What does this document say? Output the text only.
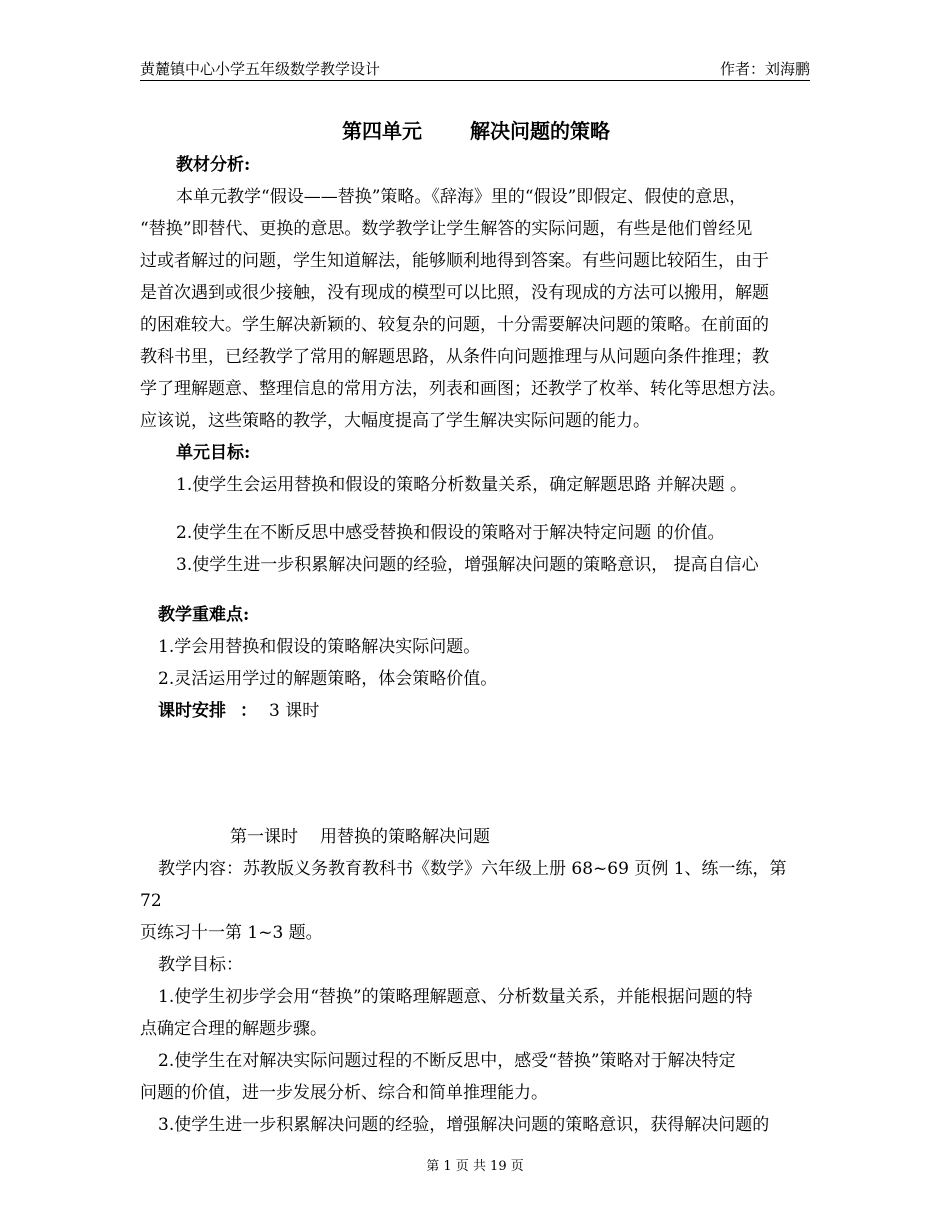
黄麓镇中心小学五年级数学教学设计	作者：刘海鹏
第四单元 解决问题的策略

教材分析:

本单元教学“假设——替换”策略。《辞海》里的“假设”即假定、假使的意思，

“替换”即替代、更换的意思。数学教学让学生解答的实际问题，有些是他们曾经见

过或者解过的问题，学生知道解法，能够顺利地得到答案。有些问题比较陌生，由于

是首次遇到或很少接触，没有现成的模型可以比照，没有现成的方法可以搬用，解题

的困难较大。学生解决新颖的、较复杂的问题，十分需要解决问题的策略。在前面的

教科书里，已经教学了常用的解题思路，从条件向问题推理与从问题向条件推理；教

学了理解题意、整理信息的常用方法，列表和画图；还教学了枚举、转化等思想方法。

应该说，这些策略的教学，大幅度提高了学生解决实际问题的能力。

单元目标:

1.使学生会运用替换和假设的策略分析数量关系，确定解题思路 并解决题 。

2.使学生在不断反思中感受替换和假设的策略对于解决特定问题 的价值。

3.使学生进一步积累解决问题的经验，增强解决问题的策略意识， 提高自信心

教学重难点:

1.学会用替换和假设的策略解决实际问题。

2.灵活运用学过的解题策略，体会策略价值。

课时安排 ： 3 课时

第一课时 用替换的策略解决问题

教学内容：苏教版义务教育教科书《数学》六年级上册 68~69 页例 1、练一练，第 72

页练习十一第 1~3 题。

教学目标：

1.使学生初步学会用“替换”的策略理解题意、分析数量关系，并能根据问题的特

点确定合理的解题步骤。

2.使学生在对解决实际问题过程的不断反思中，感受“替换”策略对于解决特定

问题的价值，进一步发展分析、综合和简单推理能力。

3.使学生进一步积累解决问题的经验，增强解决问题的策略意识，获得解决问题的

第 1 页 共 19 页
